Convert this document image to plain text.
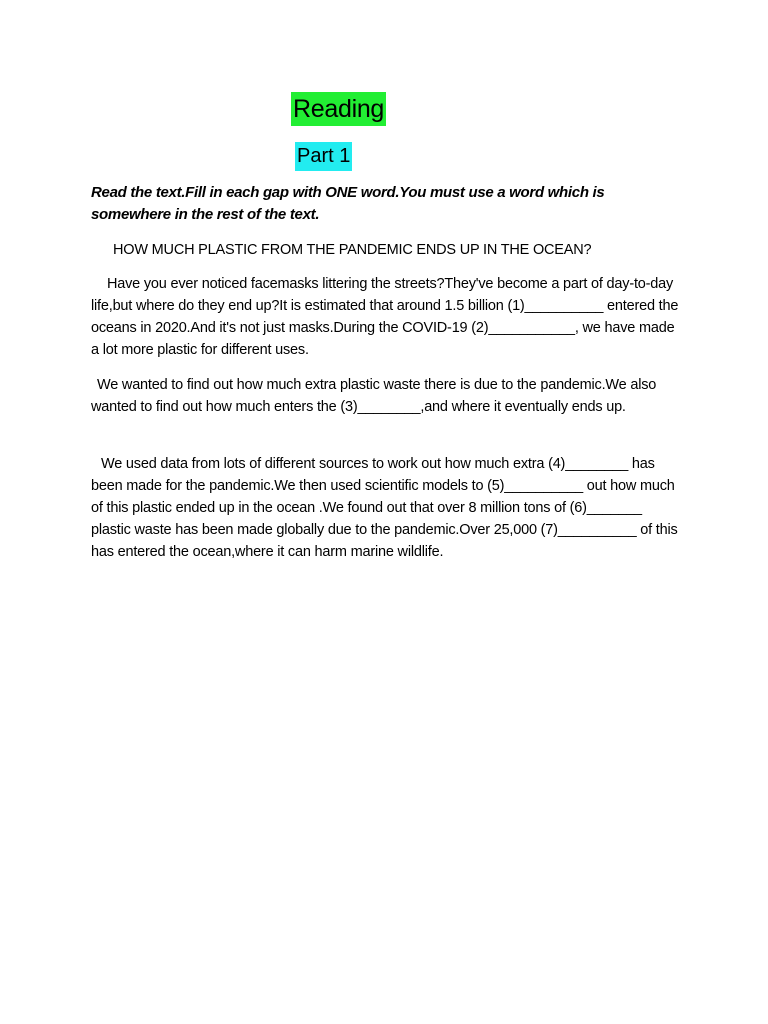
Reading
Part 1
Read the text.Fill in each gap with ONE word.You must use a word which is somewhere in the rest of the text.
HOW MUCH PLASTIC FROM THE PANDEMIC ENDS UP IN THE OCEAN?
Have you ever noticed facemasks littering the streets?They've become a part of day-to-day life,but where do they end up?It is estimated that around 1.5 billion (1)__________ entered the oceans in 2020.And it's not just masks.During the COVID-19 (2)___________, we have made a lot more plastic for different uses.
We wanted to find out how much extra plastic waste there is due to the pandemic.We also wanted to find out how much enters the (3)________,and where it eventually ends up.
We used data from lots of different sources to work out how much extra (4)________ has been made for the pandemic.We then used scientific models to (5)__________ out how much of this plastic ended up in the ocean .We found out that over 8 million tons of (6)_______ plastic waste has been made globally due to the pandemic.Over 25,000 (7)__________ of this has entered the ocean,where it can harm marine wildlife.
